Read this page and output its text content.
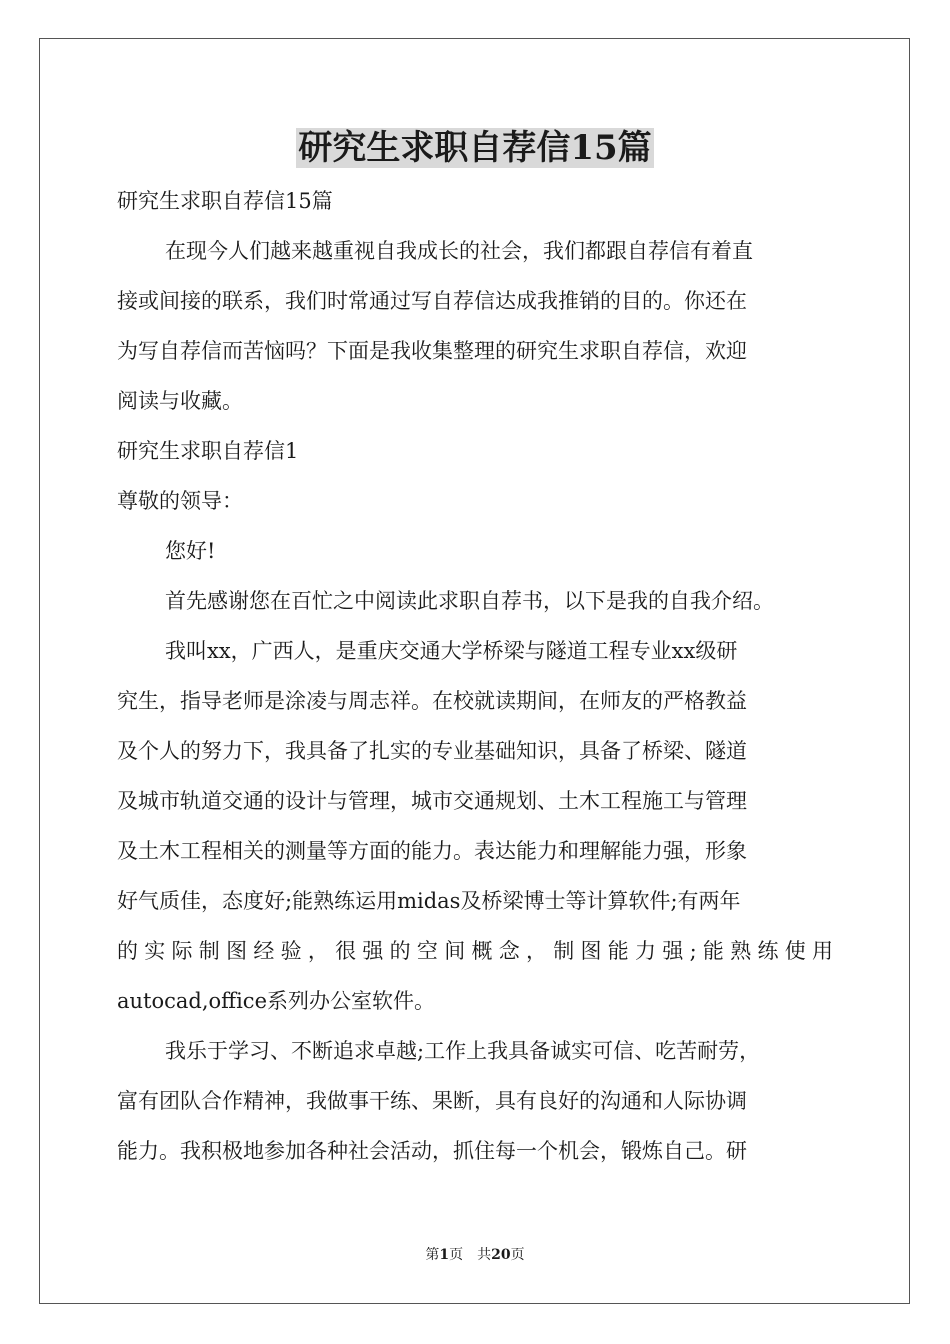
研究生求职自荐信15篇
研究生求职自荐信15篇
在现今人们越来越重视自我成长的社会，我们都跟自荐信有着直
接或间接的联系，我们时常通过写自荐信达成我推销的目的。你还在
为写自荐信而苦恼吗？下面是我收集整理的研究生求职自荐信，欢迎
阅读与收藏。
研究生求职自荐信1
尊敬的领导：
您好!
首先感谢您在百忙之中阅读此求职自荐书，以下是我的自我介绍。
我叫xx，广西人，是重庆交通大学桥梁与隧道工程专业xx级研
究生，指导老师是涂凌与周志祥。在校就读期间，在师友的严格教益
及个人的努力下，我具备了扎实的专业基础知识，具备了桥梁、隧道
及城市轨道交通的设计与管理，城市交通规划、土木工程施工与管理
及土木工程相关的测量等方面的能力。表达能力和理解能力强，形象
好气质佳，态度好;能熟练运用midas及桥梁博士等计算软件;有两年
的实际制图经验，很强的空间概念，制图能力强;能熟练使用
autocad,office系列办公室软件。
我乐于学习、不断追求卓越;工作上我具备诚实可信、吃苦耐劳，
富有团队合作精神，我做事干练、果断，具有良好的沟通和人际协调
能力。我积极地参加各种社会活动，抓住每一个机会，锻炼自己。研
第1页　共20页
